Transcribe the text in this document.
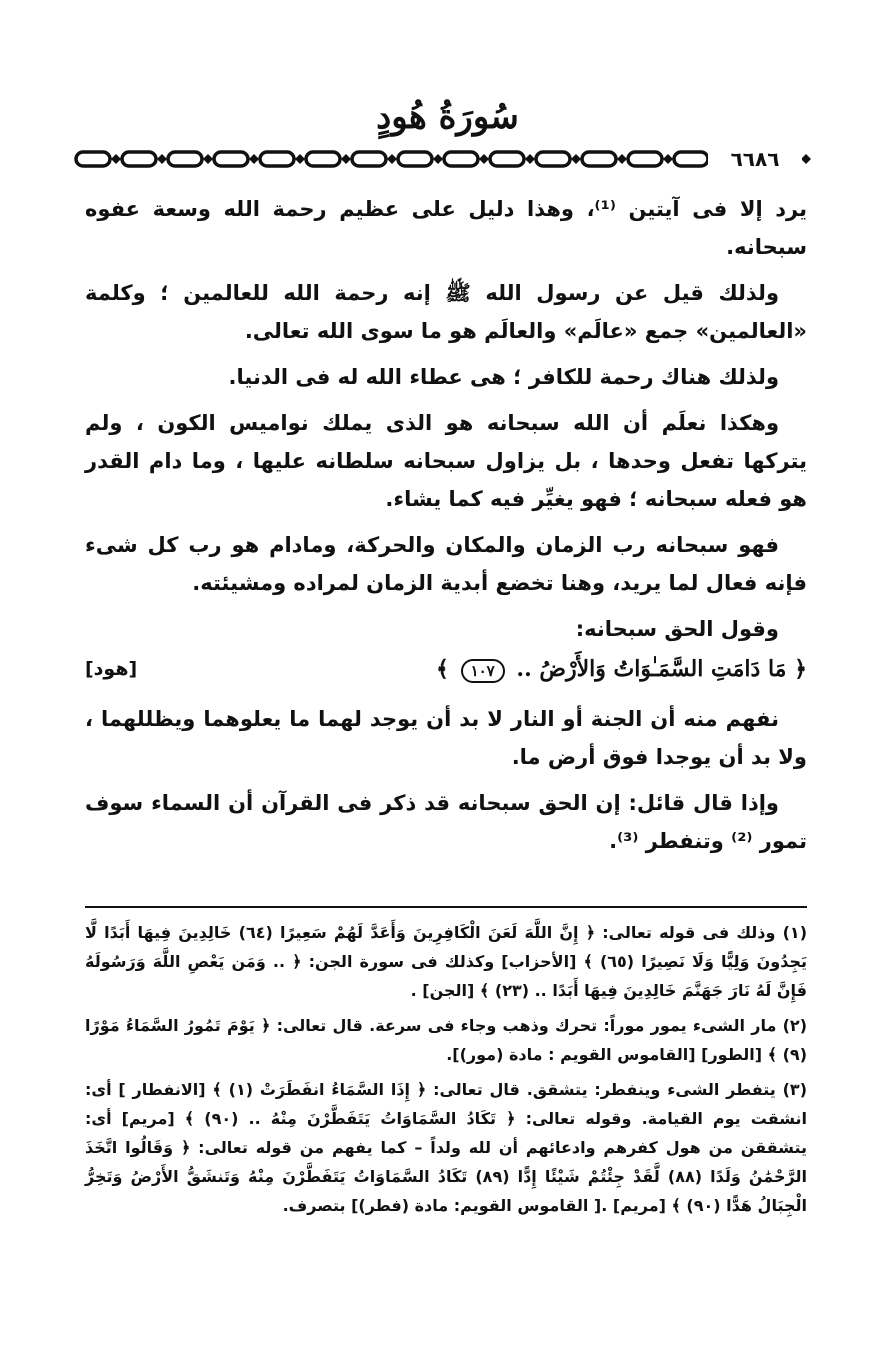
سُورَةُ هُودٍ
٦٦٨٦

يرد إلا فى آيتين ⁽¹⁾، وهذا دليل على عظيم رحمة الله وسعة عفوه سبحانه.

ولذلك قيل عن رسول الله ﷺ إنه رحمة الله للعالمين ؛ وكلمة «العالمين» جمع «عالَم» والعالَم هو ما سوى الله تعالى.

ولذلك هناك رحمة للكافر ؛ هى عطاء الله له فى الدنيا.

وهكذا نعلَم أن الله سبحانه هو الذى يملك نواميس الكون ، ولم يتركها تفعل وحدها ، بل يزاول سبحانه سلطانه عليها ، وما دام القدر هو فعله سبحانه ؛ فهو يغيِّر فيه كما يشاء.

فهو سبحانه رب الزمان والمكان والحركة، ومادام هو رب كل شىء فإنه فعال لما يريد، وهنا تخضع أبدية الزمان لمراده ومشيئته.

وقول الحق سبحانه:

﴿ مَا دَامَتِ السَّمَـٰوَاتُ وَالأَرْضُ .. ١٠٧ ﴾
[هود]

نفهم منه أن الجنة أو النار لا بد أن يوجد لهما ما يعلوهما ويظللهما ، ولا بد أن يوجدا فوق أرض ما.

وإذا قال قائل: إن الحق سبحانه قد ذكر فى القرآن أن السماء سوف تمور ⁽²⁾ وتنفطر ⁽³⁾.

(١) وذلك فى قوله تعالى: ﴿ إِنَّ اللَّهَ لَعَنَ الْكَافِرِينَ وَأَعَدَّ لَهُمْ سَعِيرًا (٦٤) خَالِدِينَ فِيهَا أَبَدًا لَّا يَجِدُونَ وَلِيًّا وَلَا نَصِيرًا (٦٥) ﴾ [الأحزاب] وكذلك فى سورة الجن: ﴿ .. وَمَن يَعْصِ اللَّهَ وَرَسُولَهُ فَإِنَّ لَهُ نَارَ جَهَنَّمَ خَالِدِينَ فِيهَا أَبَدًا .. (٢٣) ﴾ [الجن] .

(٢) مار الشىء يمور موراً: تحرك وذهب وجاء فى سرعة. قال تعالى: ﴿ يَوْمَ تَمُورُ السَّمَاءُ مَوْرًا (٩) ﴾ [الطور] [القاموس القويم : مادة (مور)].

(٣) يتفطر الشىء وينفطر: يتشقق. قال تعالى: ﴿ إِذَا السَّمَاءُ انفَطَرَتْ (١) ﴾ [الانفطار ] أى: انشقت يوم القيامة. وقوله تعالى: ﴿ تَكَادُ السَّمَاوَاتُ يَتَفَطَّرْنَ مِنْهُ .. (٩٠) ﴾ [مريم] أى: يتشققن من هول كفرهم وادعائهم أن لله ولداً – كما يفهم من قوله تعالى: ﴿ وَقَالُوا اتَّخَذَ الرَّحْمَٰنُ وَلَدًا (٨٨) لَّقَدْ جِئْتُمْ شَيْئًا إِدًّا (٨٩) تَكَادُ السَّمَاوَاتُ يَتَفَطَّرْنَ مِنْهُ وَتَنشَقُّ الأَرْضُ وَتَخِرُّ الْجِبَالُ هَدًّا (٩٠) ﴾ [مريم] .[ القاموس القويم: مادة (فطر)] بتصرف.
